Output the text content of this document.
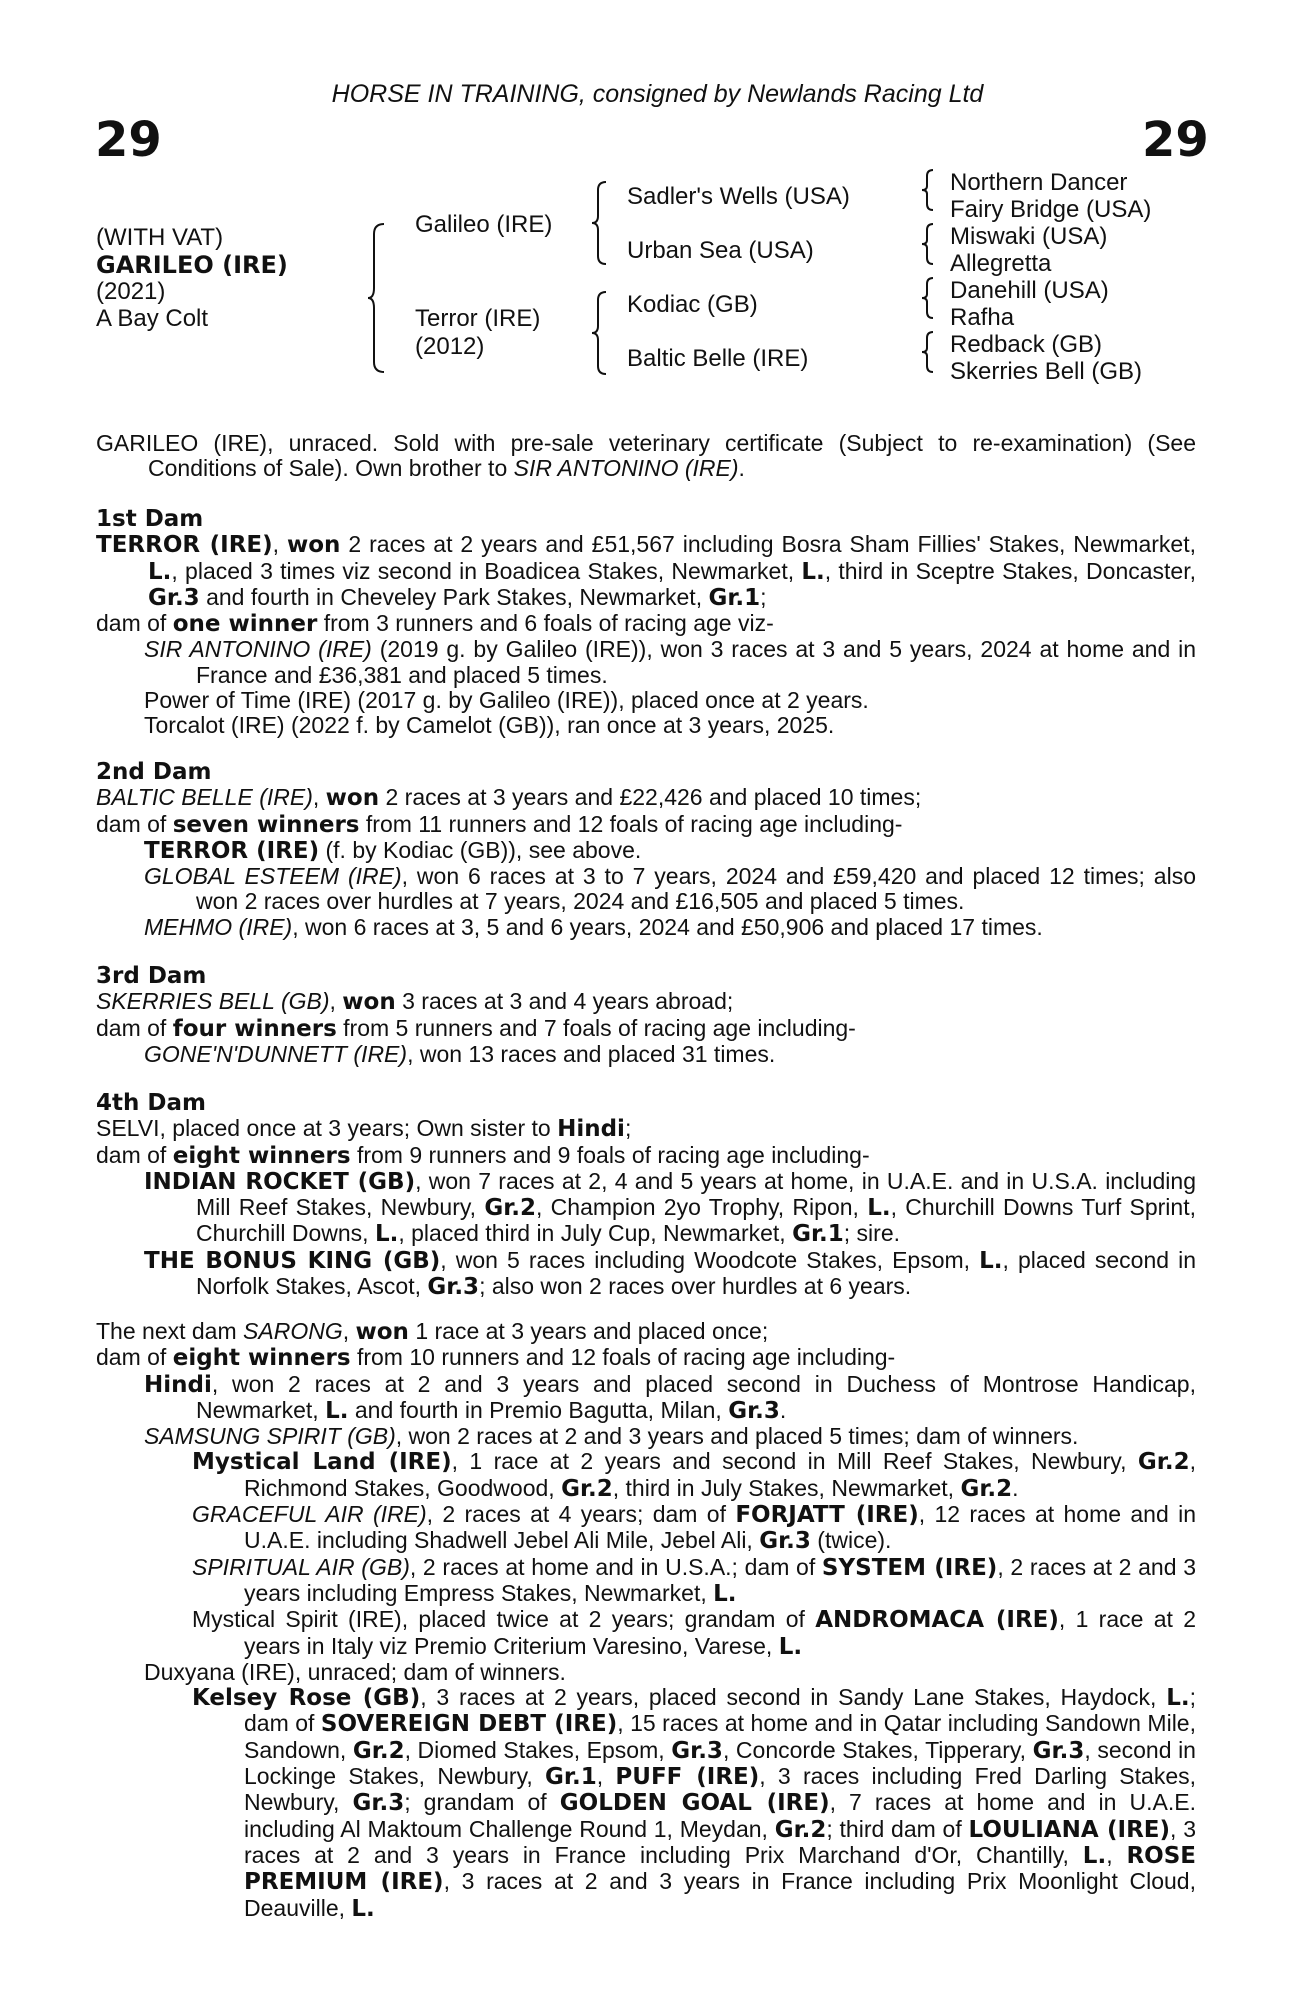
HORSE IN TRAINING, consigned by Newlands Racing Ltd
29	29
(WITH VAT)
GARILEO (IRE)
(2021)
A Bay Colt
Galileo (IRE)
Terror (IRE)
(2012)
Sadler's Wells (USA)
Urban Sea (USA)
Kodiac (GB)
Baltic Belle (IRE)
Northern Dancer
Fairy Bridge (USA)
Miswaki (USA)
Allegretta
Danehill (USA)
Rafha
Redback (GB)
Skerries Bell (GB)

GARILEO (IRE), unraced. Sold with pre-sale veterinary certificate (Subject to re-examination) (See Conditions of Sale). Own brother to SIR ANTONINO (IRE).

1st Dam

TERROR (IRE), won 2 races at 2 years and £51,567 including Bosra Sham Fillies' Stakes, Newmarket, L., placed 3 times viz second in Boadicea Stakes, Newmarket, L., third in Sceptre Stakes, Doncaster, Gr.3 and fourth in Cheveley Park Stakes, Newmarket, Gr.1;

dam of one winner from 3 runners and 6 foals of racing age viz-

SIR ANTONINO (IRE) (2019 g. by Galileo (IRE)), won 3 races at 3 and 5 years, 2024 at home and in France and £36,381 and placed 5 times.

Power of Time (IRE) (2017 g. by Galileo (IRE)), placed once at 2 years.

Torcalot (IRE) (2022 f. by Camelot (GB)), ran once at 3 years, 2025.

2nd Dam

BALTIC BELLE (IRE), won 2 races at 3 years and £22,426 and placed 10 times;

dam of seven winners from 11 runners and 12 foals of racing age including-

TERROR (IRE) (f. by Kodiac (GB)), see above.

GLOBAL ESTEEM (IRE), won 6 races at 3 to 7 years, 2024 and £59,420 and placed 12 times; also won 2 races over hurdles at 7 years, 2024 and £16,505 and placed 5 times.

MEHMO (IRE), won 6 races at 3, 5 and 6 years, 2024 and £50,906 and placed 17 times.

3rd Dam

SKERRIES BELL (GB), won 3 races at 3 and 4 years abroad;

dam of four winners from 5 runners and 7 foals of racing age including-

GONE'N'DUNNETT (IRE), won 13 races and placed 31 times.

4th Dam

SELVI, placed once at 3 years; Own sister to Hindi;

dam of eight winners from 9 runners and 9 foals of racing age including-

INDIAN ROCKET (GB), won 7 races at 2, 4 and 5 years at home, in U.A.E. and in U.S.A. including Mill Reef Stakes, Newbury, Gr.2, Champion 2yo Trophy, Ripon, L., Churchill Downs Turf Sprint, Churchill Downs, L., placed third in July Cup, Newmarket, Gr.1; sire.

THE BONUS KING (GB), won 5 races including Woodcote Stakes, Epsom, L., placed second in Norfolk Stakes, Ascot, Gr.3; also won 2 races over hurdles at 6 years.

The next dam SARONG, won 1 race at 3 years and placed once;

dam of eight winners from 10 runners and 12 foals of racing age including-

Hindi, won 2 races at 2 and 3 years and placed second in Duchess of Montrose Handicap, Newmarket, L. and fourth in Premio Bagutta, Milan, Gr.3.

SAMSUNG SPIRIT (GB), won 2 races at 2 and 3 years and placed 5 times; dam of winners.

Mystical Land (IRE), 1 race at 2 years and second in Mill Reef Stakes, Newbury, Gr.2, Richmond Stakes, Goodwood, Gr.2, third in July Stakes, Newmarket, Gr.2.

GRACEFUL AIR (IRE), 2 races at 4 years; dam of FORJATT (IRE), 12 races at home and in U.A.E. including Shadwell Jebel Ali Mile, Jebel Ali, Gr.3 (twice).

SPIRITUAL AIR (GB), 2 races at home and in U.S.A.; dam of SYSTEM (IRE), 2 races at 2 and 3 years including Empress Stakes, Newmarket, L.

Mystical Spirit (IRE), placed twice at 2 years; grandam of ANDROMACA (IRE), 1 race at 2 years in Italy viz Premio Criterium Varesino, Varese, L.

Duxyana (IRE), unraced; dam of winners.

Kelsey Rose (GB), 3 races at 2 years, placed second in Sandy Lane Stakes, Haydock, L.; dam of SOVEREIGN DEBT (IRE), 15 races at home and in Qatar including Sandown Mile, Sandown, Gr.2, Diomed Stakes, Epsom, Gr.3, Concorde Stakes, Tipperary, Gr.3, second in Lockinge Stakes, Newbury, Gr.1, PUFF (IRE), 3 races including Fred Darling Stakes, Newbury, Gr.3; grandam of GOLDEN GOAL (IRE), 7 races at home and in U.A.E. including Al Maktoum Challenge Round 1, Meydan, Gr.2; third dam of LOULIANA (IRE), 3 races at 2 and 3 years in France including Prix Marchand d'Or, Chantilly, L., ROSE PREMIUM (IRE), 3 races at 2 and 3 years in France including Prix Moonlight Cloud, Deauville, L.
